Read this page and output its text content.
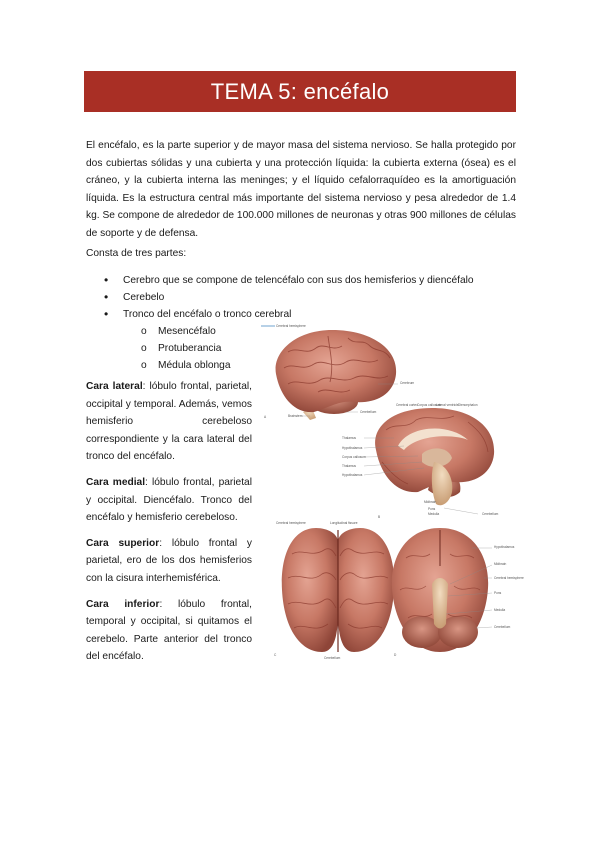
TEMA 5: encéfalo

El encéfalo, es la parte superior y de mayor masa del sistema nervioso. Se halla protegido por dos cubiertas sólidas y una cubierta y una protección líquida: la cubierta externa (ósea) es el cráneo, y la cubierta interna las meninges; y el líquido cefalorraquídeo es la amortiguación líquida. Es la estructura central más importante del sistema nervioso y pesa alrededor de 1.4 kg. Se compone de alrededor de 100.000 millones de neuronas y otras 900 millones de células de soporte y de defensa.

Consta de tres partes:

• Cerebro que se compone de telencéfalo con sus dos hemisferios y diencéfalo
• Cerebelo
• Tronco del encéfalo o tronco cerebral
o Mesencéfalo
o Protuberancia
o Médula oblonga

Cara lateral: lóbulo frontal, parietal, occipital y temporal. Además, vemos hemisferio cerebeloso correspondiente y la cara lateral del tronco del encéfalo.

Cara medial: lóbulo frontal, parietal y occipital. Diencéfalo. Tronco del encéfalo y hemisferio cerebeloso.

Cara superior: lóbulo frontal y parietal, ero de los dos hemisferios con la cisura interhemisférica.

Cara inferior: lóbulo frontal, temporal y occipital, si quitamos el cerebelo. Parte anterior del tronco del encéfalo.

Cerebral hemisphere
Cerebrum
Cerebellum
Brainstem
Cerebral cortex Corpus callosum
Lateral ventricle Diencephalon
Thalamus
Hypothalamus
Corpus callosum
Thalamus
Hypothalamus
Midbrain
Pons
Medulla	Cerebellum
Cerebral hemisphere	Longitudinal fissure
Cerebellum
Hypothalamus
Midbrain
Cerebral hemisphere
Pons
Medulla
Cerebellum
A
B
C	D
